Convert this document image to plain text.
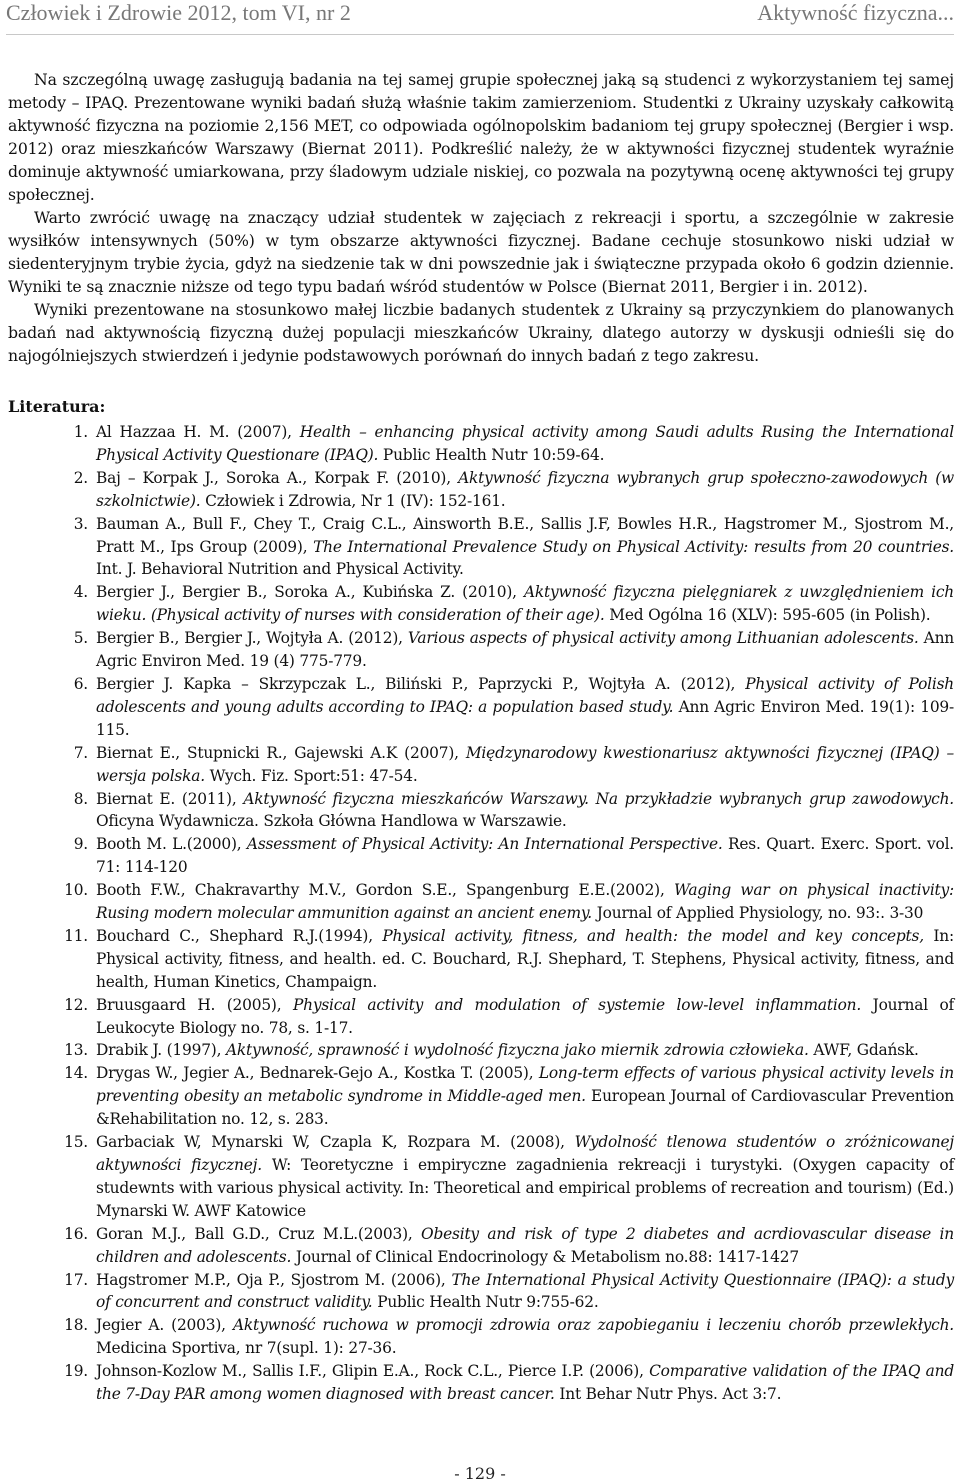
Człowiek i Zdrowie 2012, tom VI, nr 2	Aktywność fizyczna...

Na szczególną uwagę zasługują badania na tej samej grupie społecznej jaką są studenci z wykorzystaniem tej samej metody – IPAQ. Prezentowane wyniki badań służą właśnie takim zamierzeniom. Studentki z Ukrainy uzyskały całkowitą aktywność fizyczna na poziomie 2,156 MET, co odpowiada ogólnopolskim badaniom tej grupy społecznej (Bergier i wsp. 2012) oraz mieszkańców Warszawy (Biernat 2011). Podkreślić należy, że w aktywności fizycznej studentek wyraźnie dominuje aktywność umiarkowana, przy śladowym udziale niskiej, co pozwala na pozytywną ocenę aktywności tej grupy społecznej.

Warto zwrócić uwagę na znaczący udział studentek w zajęciach z rekreacji i sportu, a szczególnie w zakresie wysiłków intensywnych (50%) w tym obszarze aktywności fizycznej. Badane cechuje stosunkowo niski udział w siedenteryjnym trybie życia, gdyż na siedzenie tak w dni powszednie jak i świąteczne przypada około 6 godzin dziennie. Wyniki te są znacznie niższe od tego typu badań wśród studentów w Polsce (Biernat 2011, Bergier i in. 2012).

Wyniki prezentowane na stosunkowo małej liczbie badanych studentek z Ukrainy są przyczynkiem do planowanych badań nad aktywnością fizyczną dużej populacji mieszkańców Ukrainy, dlatego autorzy w dyskusji odnieśli się do najogólniejszych stwierdzeń i jedynie podstawowych porównań do innych badań z tego zakresu.

Literatura:
1. Al Hazzaa H. M. (2007), Health – enhancing physical activity among Saudi adults Rusing the International Physical Activity Questionare (IPAQ). Public Health Nutr 10:59-64.
2. Baj – Korpak J., Soroka A., Korpak F. (2010), Aktywność fizyczna wybranych grup społeczno-zawodowych (w szkolnictwie). Człowiek i Zdrowia, Nr 1 (IV): 152-161.
3. Bauman A., Bull F., Chey T., Craig C.L., Ainsworth B.E., Sallis J.F, Bowles H.R., Hagstromer M., Sjostrom M., Pratt M., Ips Group (2009), The International Prevalence Study on Physical Activity: results from 20 countries. Int. J. Behavioral Nutrition and Physical Activity.
4. Bergier J., Bergier B., Soroka A., Kubińska Z. (2010), Aktywność fizyczna pielęgniarek z uwzględnieniem ich wieku. (Physical activity of nurses with consideration of their age). Med Ogólna 16 (XLV): 595-605 (in Polish).
5. Bergier B., Bergier J., Wojtyła A. (2012), Various aspects of physical activity among Lithuanian adolescents. Ann Agric Environ Med. 19 (4) 775-779.
6. Bergier J. Kapka – Skrzypczak L., Biliński P., Paprzycki P., Wojtyła A. (2012), Physical activity of Polish adolescents and young adults according to IPAQ: a population based study. Ann Agric Environ Med. 19(1): 109-115.
7. Biernat E., Stupnicki R., Gajewski A.K (2007), Międzynarodowy kwestionariusz aktywności fizycznej (IPAQ) – wersja polska. Wych. Fiz. Sport:51: 47-54.
8. Biernat E. (2011), Aktywność fizyczna mieszkańców Warszawy. Na przykładzie wybranych grup zawodowych. Oficyna Wydawnicza. Szkoła Główna Handlowa w Warszawie.
9. Booth M. L.(2000), Assessment of Physical Activity: An International Perspective. Res. Quart. Exerc. Sport. vol. 71: 114-120
10. Booth F.W., Chakravarthy M.V., Gordon S.E., Spangenburg E.E.(2002), Waging war on physical inactivity: Rusing modern molecular ammunition against an ancient enemy. Journal of Applied Physiology, no. 93:. 3-30
11. Bouchard C., Shephard R.J.(1994), Physical activity, fitness, and health: the model and key concepts, In: Physical activity, fitness, and health. ed. C. Bouchard, R.J. Shephard, T. Stephens, Physical activity, fitness, and health, Human Kinetics, Champaign.
12. Bruusgaard H. (2005), Physical activity and modulation of systemie low-level inflammation. Journal of Leukocyte Biology no. 78, s. 1-17.
13. Drabik J. (1997), Aktywność, sprawność i wydolność fizyczna jako miernik zdrowia człowieka. AWF, Gdańsk.
14. Drygas W., Jegier A., Bednarek-Gejo A., Kostka T. (2005), Long-term effects of various physical activity levels in preventing obesity an metabolic syndrome in Middle-aged men. European Journal of Cardiovascular Prevention &Rehabilitation no. 12, s. 283.
15. Garbaciak W, Mynarski W, Czapla K, Rozpara M. (2008), Wydolność tlenowa studentów o zróżnicowanej aktywności fizycznej. W: Teoretyczne i empiryczne zagadnienia rekreacji i turystyki. (Oxygen capacity of studewnts with various physical activity. In: Theoretical and empirical problems of recreation and tourism) (Ed.) Mynarski W. AWF Katowice
16. Goran M.J., Ball G.D., Cruz M.L.(2003), Obesity and risk of type 2 diabetes and acrdiovascular disease in children and adolescents. Journal of Clinical Endocrinology & Metabolism no.88: 1417-1427
17. Hagstromer M.P., Oja P., Sjostrom M. (2006), The International Physical Activity Questionnaire (IPAQ): a study of concurrent and construct validity. Public Health Nutr 9:755-62.
18. Jegier A. (2003), Aktywność ruchowa w promocji zdrowia oraz zapobieganiu i leczeniu chorób przewlekłych. Medicina Sportiva, nr 7(supl. 1): 27-36.
19. Johnson-Kozlow M., Sallis I.F., Glipin E.A., Rock C.L., Pierce I.P. (2006), Comparative validation of the IPAQ and the 7-Day PAR among women diagnosed with breast cancer. Int Behar Nutr Phys. Act 3:7.
- 129 -
